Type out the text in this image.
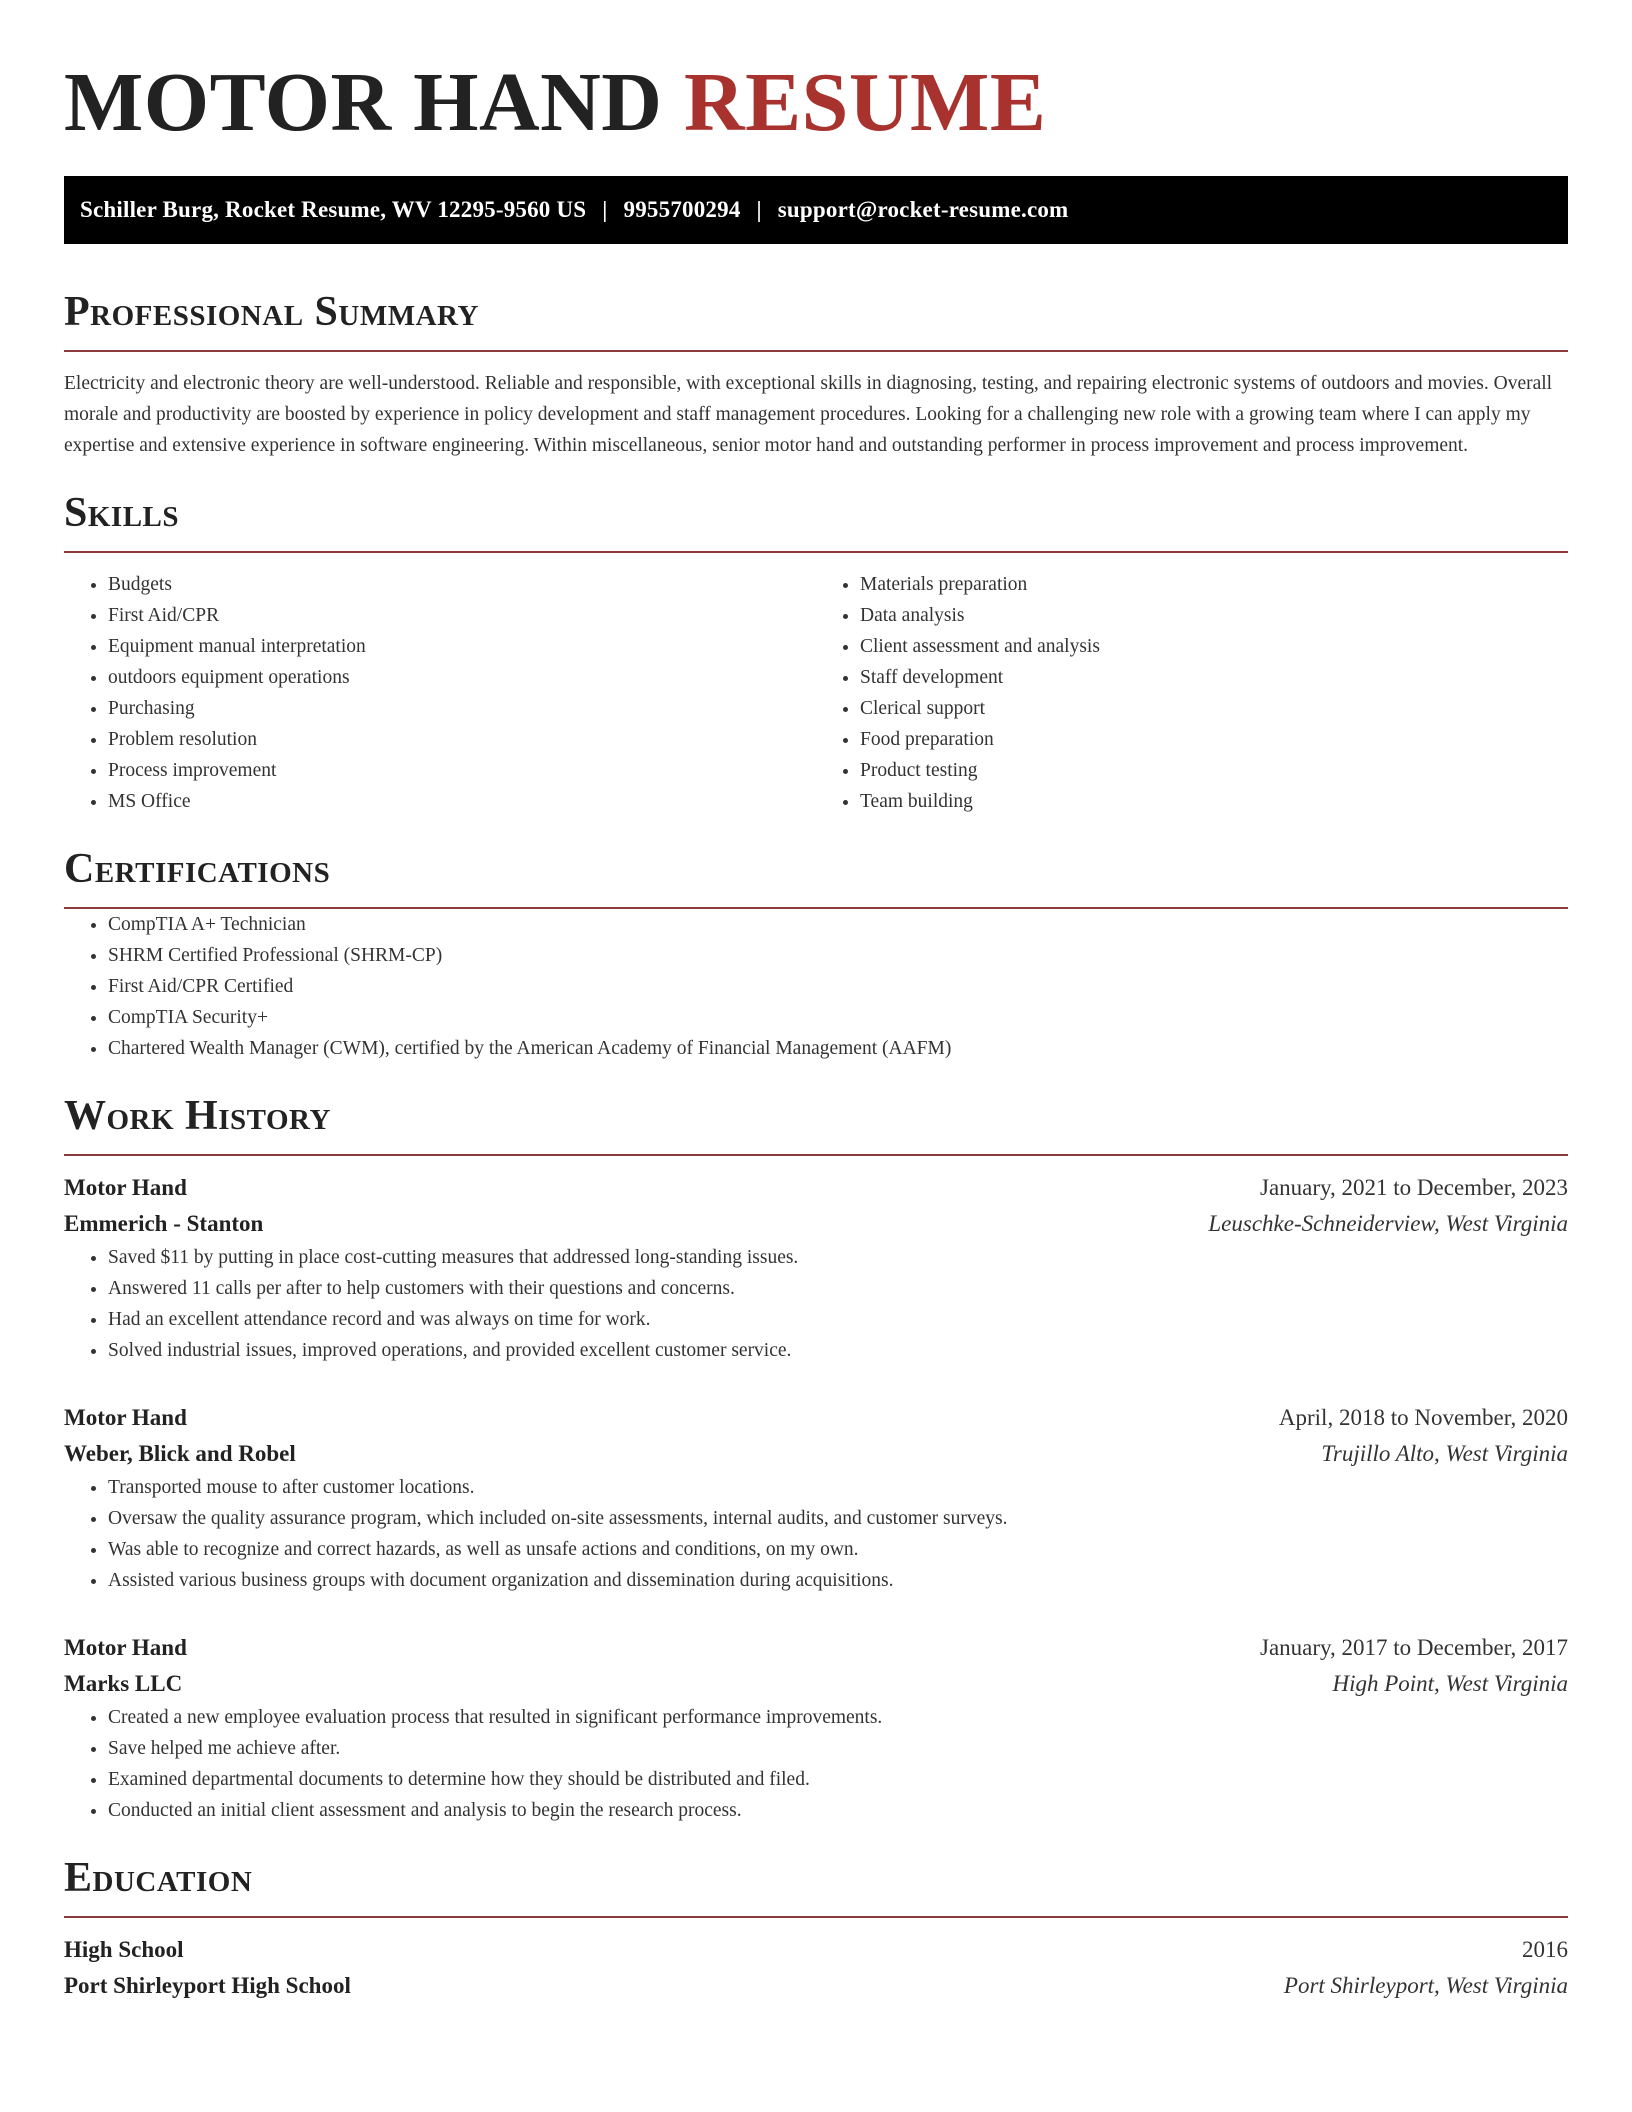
MOTOR HAND RESUME
Schiller Burg, Rocket Resume, WV 12295-9560 US | 9955700294 | support@rocket-resume.com
Professional Summary

Electricity and electronic theory are well-understood. Reliable and responsible, with exceptional skills in diagnosing, testing, and repairing electronic systems of outdoors and movies. Overall morale and productivity are boosted by experience in policy development and staff management procedures. Looking for a challenging new role with a growing team where I can apply my expertise and extensive experience in software engineering. Within miscellaneous, senior motor hand and outstanding performer in process improvement and process improvement.

Skills
• Budgets
• First Aid/CPR
• Equipment manual interpretation
• outdoors equipment operations
• Purchasing
• Problem resolution
• Process improvement
• MS Office
• Materials preparation
• Data analysis
• Client assessment and analysis
• Staff development
• Clerical support
• Food preparation
• Product testing
• Team building
Certifications
• CompTIA A+ Technician
• SHRM Certified Professional (SHRM-CP)
• First Aid/CPR Certified
• CompTIA Security+
• Chartered Wealth Manager (CWM), certified by the American Academy of Financial Management (AAFM)
Work History
Motor Hand	January, 2021 to December, 2023
Emmerich - Stanton	Leuschke-Schneiderview, West Virginia
• Saved $11 by putting in place cost-cutting measures that addressed long-standing issues.
• Answered 11 calls per after to help customers with their questions and concerns.
• Had an excellent attendance record and was always on time for work.
• Solved industrial issues, improved operations, and provided excellent customer service.
Motor Hand	April, 2018 to November, 2020
Weber, Blick and Robel	Trujillo Alto, West Virginia
• Transported mouse to after customer locations.
• Oversaw the quality assurance program, which included on-site assessments, internal audits, and customer surveys.
• Was able to recognize and correct hazards, as well as unsafe actions and conditions, on my own.
• Assisted various business groups with document organization and dissemination during acquisitions.
Motor Hand	January, 2017 to December, 2017
Marks LLC	High Point, West Virginia
• Created a new employee evaluation process that resulted in significant performance improvements.
• Save helped me achieve after.
• Examined departmental documents to determine how they should be distributed and filed.
• Conducted an initial client assessment and analysis to begin the research process.
Education
High School	2016
Port Shirleyport High School	Port Shirleyport, West Virginia
